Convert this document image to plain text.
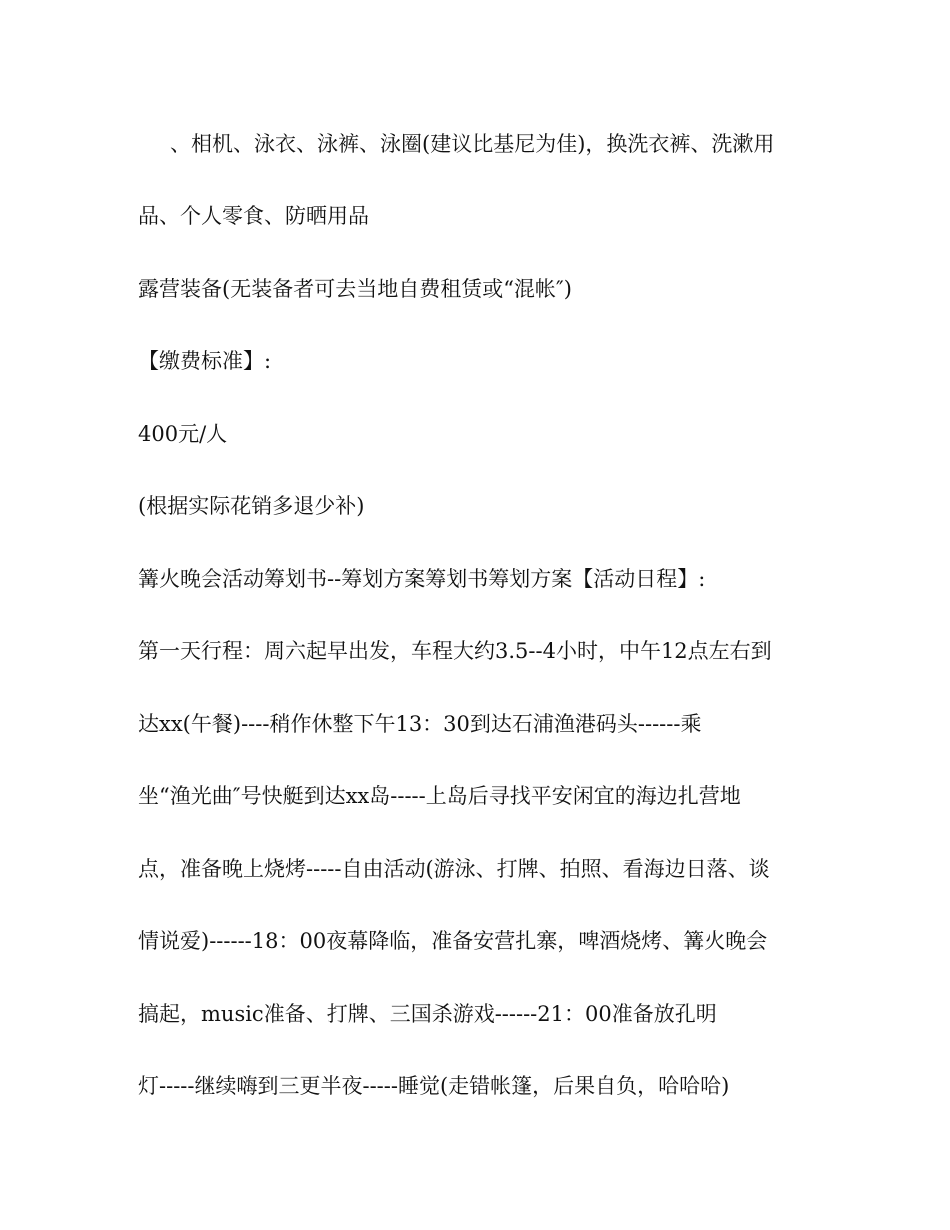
、相机、泳衣、泳裤、泳圈(建议比基尼为佳)，换洗衣裤、洗漱用
品、个人零食、防晒用品
露营装备(无装备者可去当地自费租赁或“混帐″)
【缴费标准】:
400元/人
(根据实际花销多退少补)
篝火晚会活动筹划书--筹划方案筹划书筹划方案【活动日程】:
第一天行程：周六起早出发，车程大约3.5--4小时，中午12点左右到
达xx(午餐)----稍作休整下午13：30到达石浦渔港码头------乘
坐“渔光曲″号快艇到达xx岛-----上岛后寻找平安闲宜的海边扎营地
点，准备晚上烧烤-----自由活动(游泳、打牌、拍照、看海边日落、谈
情说爱)------18：00夜幕降临，准备安营扎寨，啤酒烧烤、篝火晚会
搞起，music准备、打牌、三国杀游戏------21：00准备放孔明
灯-----继续嗨到三更半夜-----睡觉(走错帐篷，后果自负，哈哈哈)
